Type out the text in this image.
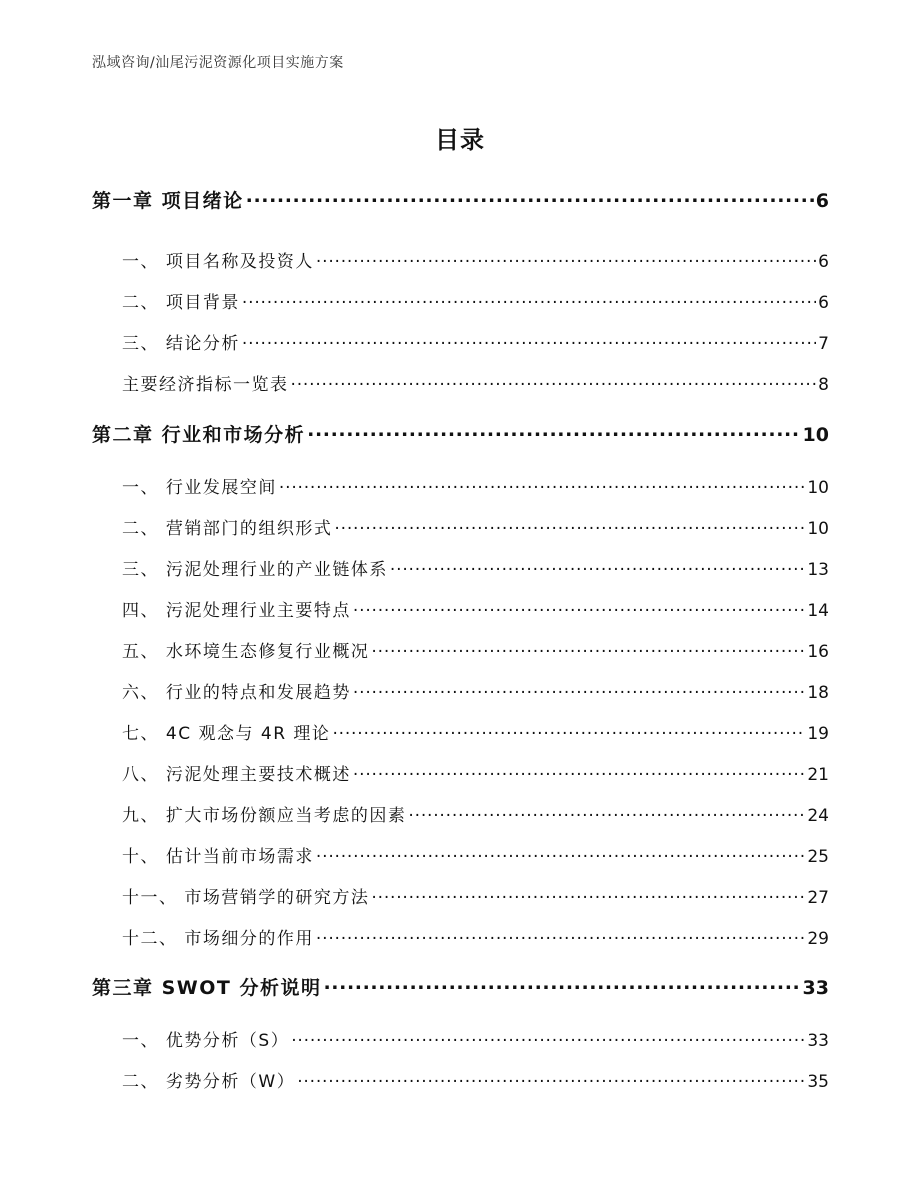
泓域咨询/汕尾污泥资源化项目实施方案
目录
第一章 项目绪论 .....	6
一、 项目名称及投资人 .....	6
二、 项目背景 .....	6
三、 结论分析 .....	7
主要经济指标一览表 .....	8
第二章 行业和市场分析 .....	10
一、 行业发展空间 .....	10
二、 营销部门的组织形式 .....	10
三、 污泥处理行业的产业链体系 .....	13
四、 污泥处理行业主要特点 .....	14
五、 水环境生态修复行业概况 .....	16
六、 行业的特点和发展趋势 .....	18
七、 4C 观念与 4R 理论 .....	19
八、 污泥处理主要技术概述 .....	21
九、 扩大市场份额应当考虑的因素 .....	24
十、 估计当前市场需求 .....	25
十一、 市场营销学的研究方法 .....	27
十二、 市场细分的作用 .....	29
第三章 SWOT 分析说明 .....	33
一、 优势分析（S） .....	33
二、 劣势分析（W） .....	35
